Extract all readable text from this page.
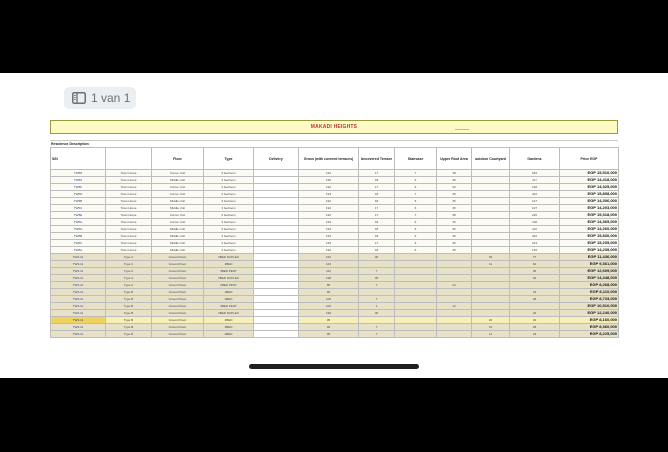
1 van 1
MAKADI HEIGHTS
Residence Description
S/N		Floor	Type	Delivery	Gross (with covered terraces)	Uncovered Terrace	Staircase	Upper Roof Area	outdoor Courtyard	Gardens	Price EGP
TW58	Town Home	Corner Unit	3 bedroom		192	17	7	38		184	EGP 15,510,000
TW56	Town Home	Middle Unit	3 bedroom		190	18	6	35		117	EGP 14,418,000
TW5F	Town Home	Corner Unit	3 bedroom		192	17	6	33		138	EGP 14,325,000
TW5D	Town Home	Corner Unit	3 bedroom		193	18	7	35		342	EGP 15,808,000
TW5B	Town Home	Middle Unit	3 bedroom		192	18	6	35		127	EGP 14,306,000
TW5C	Town Home	Middle Unit	3 bedroom		192	17	6	35		107	EGP 14,203,000
TW5E	Town Home	Corner Unit	3 bedroom		192	17	7	38		220	EGP 15,318,000
TW5H	Town Home	Corner Unit	3 bedroom		193	18	6	35		118	EGP 14,365,000
TW5G	Town Home	Middle Unit	3 bedroom		193	18	6	35		110	EGP 14,260,000
TW6B	Town Home	Middle Unit	3 bedroom		193	18	6	35		322	EGP 15,830,000
TW6C	Town Home	Middle Unit	3 bedroom		193	17	6	35		213	EGP 15,205,000
TW6A	Town Home	Middle Unit	3 bedroom		192	18	6	35		125	EGP 14,239,000
TW4-11	Type C	Ground Floor	3BED DUPLEX		152	30			45	77	EGP 11,436,000
TW4-11	Type C	Ground Floor	2BED		106				11	64	EGP 9,361,000
TW4-11	Type A	Ground Floor	3BED PENT		110	7				36	EGP 12,609,000
TW4-11	Type A	Ground Floor	3BED DUPLEX		198	35				30	EGP 14,448,000
TW4-11	Type A	Ground Floor	2BED PENT		85	7		24			EGP 8,268,000
TW4-11	Type B	Ground Floor	2BED		96					24	EGP 8,110,000
TW4-11	Type B	Ground Floor	2BED		106	7				28	EGP 8,733,000
TW4-11	Type B	Ground Floor	3BED PENT		100	1		12			EGP 10,510,000
TW4-11	Type B	Ground Floor	3BED DUPLEX		196	30				32	EGP 12,240,000
TW4-11	Type B	Ground Floor	2BED		95				32	32	EGP 8,160,000
TW4-11	Type B	Ground Floor	2BED		96	7			10	28	EGP 8,360,000
TW4-11	Type B	Ground Floor	2BED		95	7			11	23	EGP 8,225,000
